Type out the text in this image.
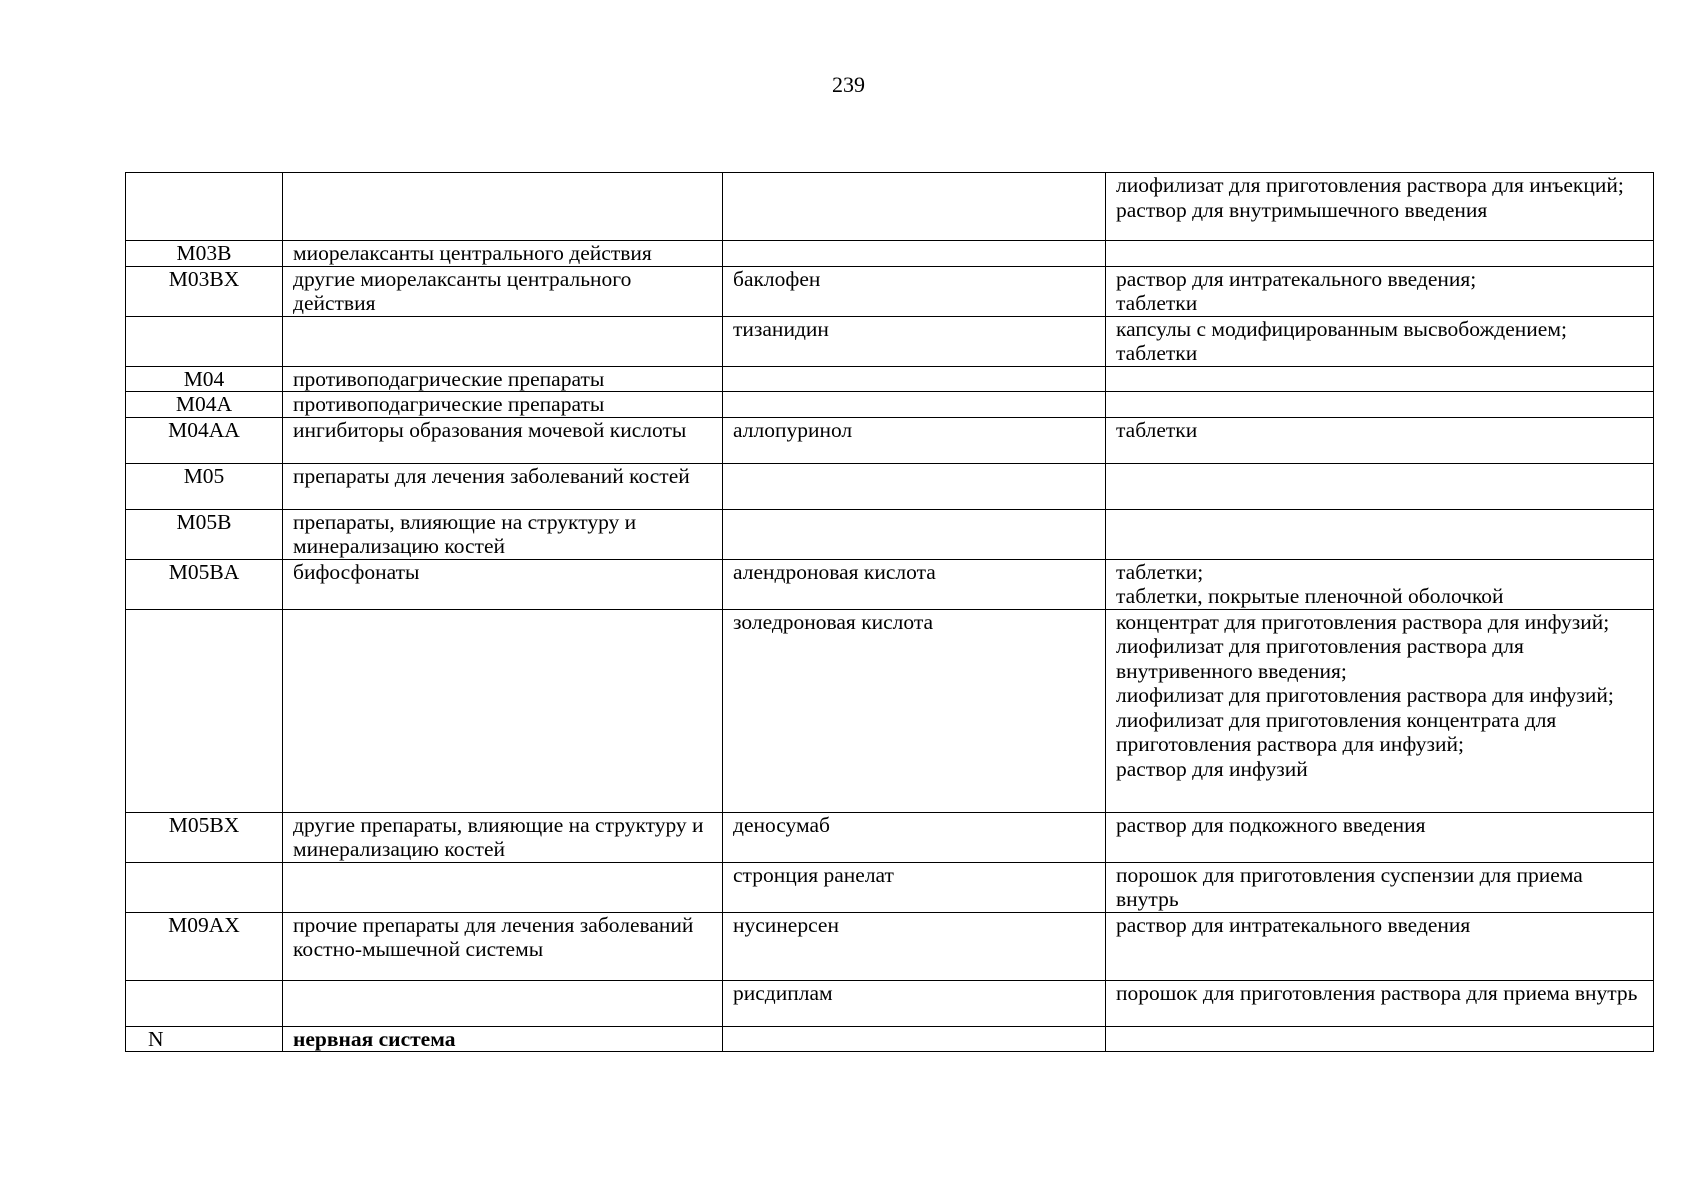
239

			лиофилизат для приготовления раствора для инъекций;
раствор для внутримышечного введения

M03B	миорелаксанты центрального действия		
M03BX	другие миорелаксанты центрального действия	баклофен	раствор для интратекального введения;
таблетки

		тизанидин	капсулы с модифицированным высвобождением;
таблетки

M04	противоподагрические препараты		
M04A	противоподагрические препараты		
M04AA	ингибиторы образования мочевой кислоты	аллопуринол	таблетки

M05	препараты для лечения заболеваний костей		
M05B	препараты, влияющие на структуру и минерализацию костей		
M05BA	бифосфонаты	алендроновая кислота	таблетки;
таблетки, покрытые пленочной оболочкой

		золедроновая кислота	концентрат для приготовления раствора для инфузий;
лиофилизат для приготовления раствора для внутривенного введения;
лиофилизат для приготовления раствора для инфузий;
лиофилизат для приготовления концентрата для приготовления раствора для инфузий;
раствор для инфузий

M05BX	другие препараты, влияющие на структуру и минерализацию костей	деносумаб	раствор для подкожного введения

		стронция ранелат	порошок для приготовления суспензии для приема внутрь

M09AX	прочие препараты для лечения заболеваний костно-мышечной системы	нусинерсен	раствор для интратекального введения

		рисдиплам	порошок для приготовления раствора для приема внутрь

N	нервная система		
